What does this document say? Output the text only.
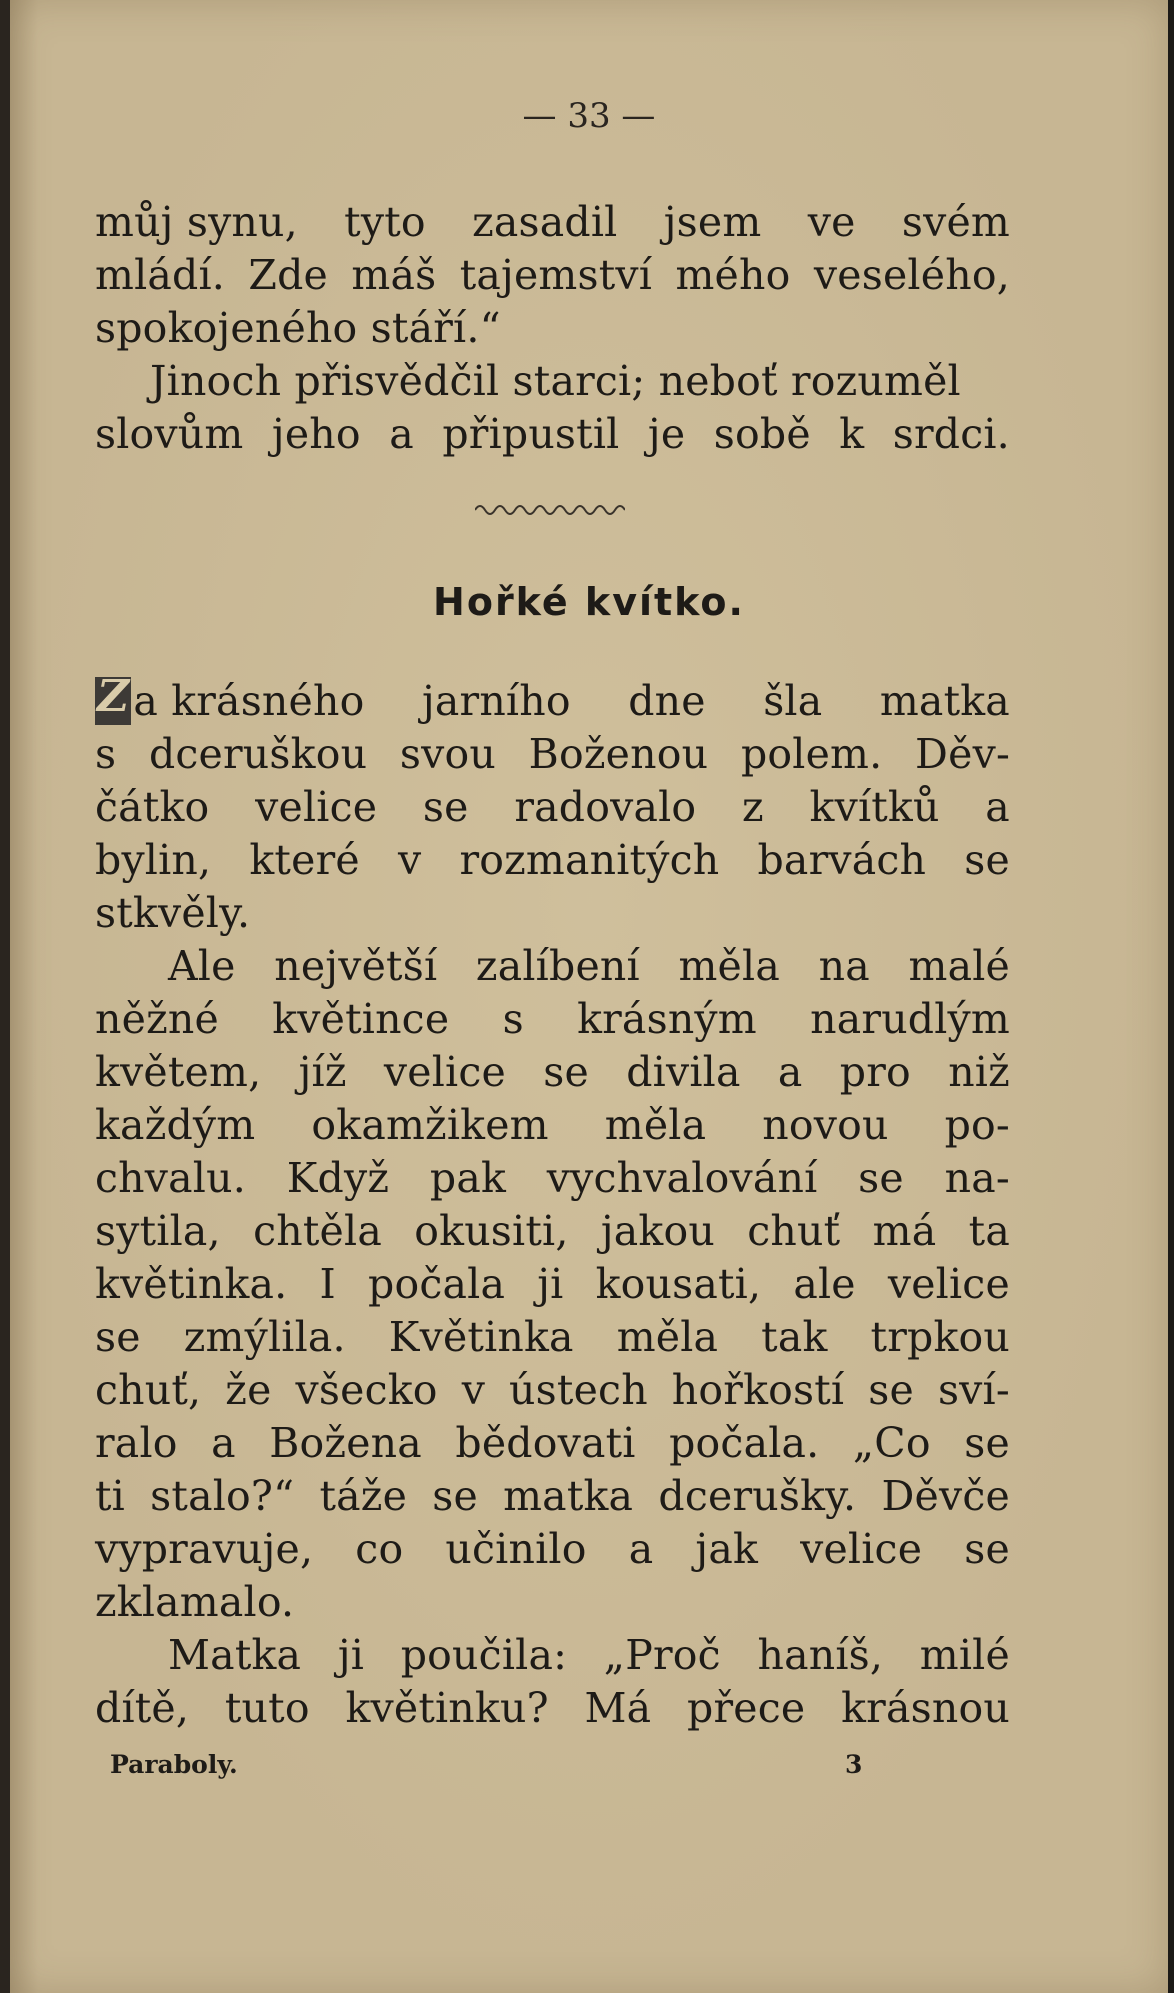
— 33 —
můj synu, tyto zasadil jsem ve svém
mládí. Zde máš tajemství mého veselého,
spokojeného stáří.“
Jinoch přisvědčil starci; neboť rozuměl
slovům jeho a připustil je sobě k srdci.
Hořké kvítko.
Z a krásného jarního dne šla matka
s dceruškou svou Boženou polem. Děv-
čátko velice se radovalo z kvítků a
bylin, které v rozmanitých barvách se
stkvěly.
Ale největší zalíbení měla na malé
něžné květince s krásným narudlým
květem, jíž velice se divila a pro niž
každým okamžikem měla novou po-
chvalu. Když pak vychvalování se na-
sytila, chtěla okusiti, jakou chuť má ta
květinka. I počala ji kousati, ale velice
se zmýlila. Květinka měla tak trpkou
chuť, že všecko v ústech hořkostí se sví-
ralo a Božena bědovati počala. „Co se
ti stalo?“ táže se matka dcerušky. Děvče
vypravuje, co učinilo a jak velice se
zklamalo.
Matka ji poučila: „Proč haníš, milé
dítě, tuto květinku? Má přece krásnou
Paraboly.	3
